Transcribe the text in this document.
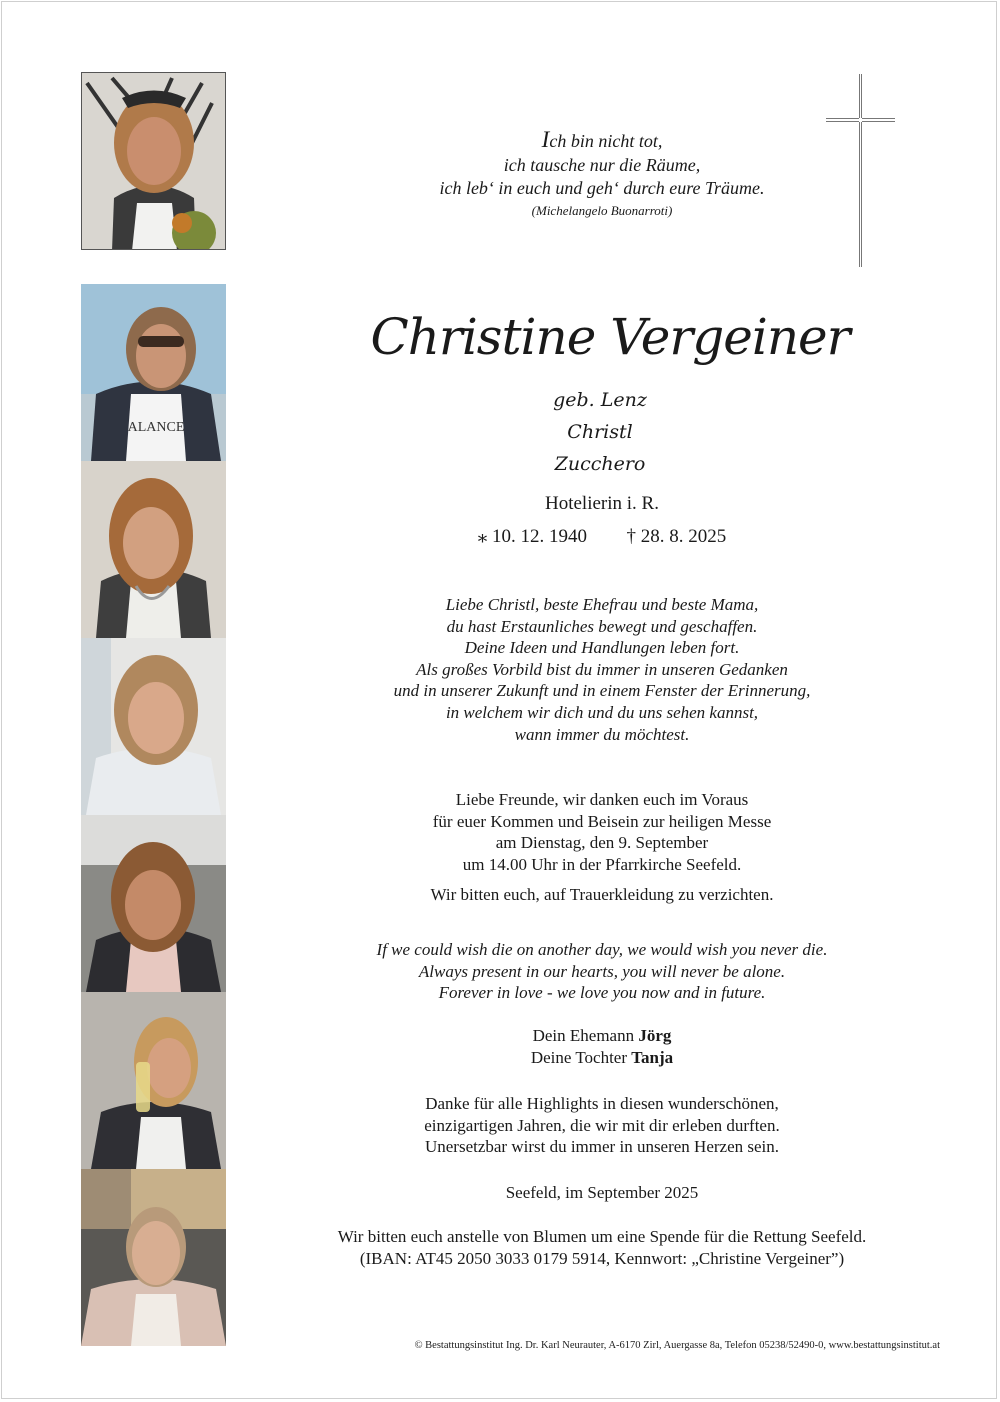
ALANCE
Ich bin nicht tot,
ich tausche nur die Räume,
ich leb‘ in euch und geh‘ durch eure Träume.
(Michelangelo Buonarroti)
Christine Vergeiner
geb. Lenz
Christl
Zucchero
Hotelierin i. R.
⁎ 10. 12. 1940 † 28. 8. 2025
Liebe Christl, beste Ehefrau und beste Mama,
du hast Erstaunliches bewegt und geschaffen.
Deine Ideen und Handlungen leben fort.
Als großes Vorbild bist du immer in unseren Gedanken
und in unserer Zukunft und in einem Fenster der Erinnerung,
in welchem wir dich und du uns sehen kannst,
wann immer du möchtest.
Liebe Freunde, wir danken euch im Voraus
für euer Kommen und Beisein zur heiligen Messe
am Dienstag, den 9. September
um 14.00 Uhr in der Pfarrkirche Seefeld.
Wir bitten euch, auf Trauerkleidung zu verzichten.
If we could wish die on another day, we would wish you never die.
Always present in our hearts, you will never be alone.
Forever in love - we love you now and in future.
Dein Ehemann Jörg
Deine Tochter Tanja
Danke für alle Highlights in diesen wunderschönen,
einzigartigen Jahren, die wir mit dir erleben durften.
Unersetzbar wirst du immer in unseren Herzen sein.
Seefeld, im September 2025
Wir bitten euch anstelle von Blumen um eine Spende für die Rettung Seefeld.
(IBAN: AT45 2050 3033 0179 5914, Kennwort: „Christine Vergeiner”)
© Bestattungsinstitut Ing. Dr. Karl Neurauter, A-6170 Zirl, Auergasse 8a, Telefon 05238/52490-0, www.bestattungsinstitut.at
